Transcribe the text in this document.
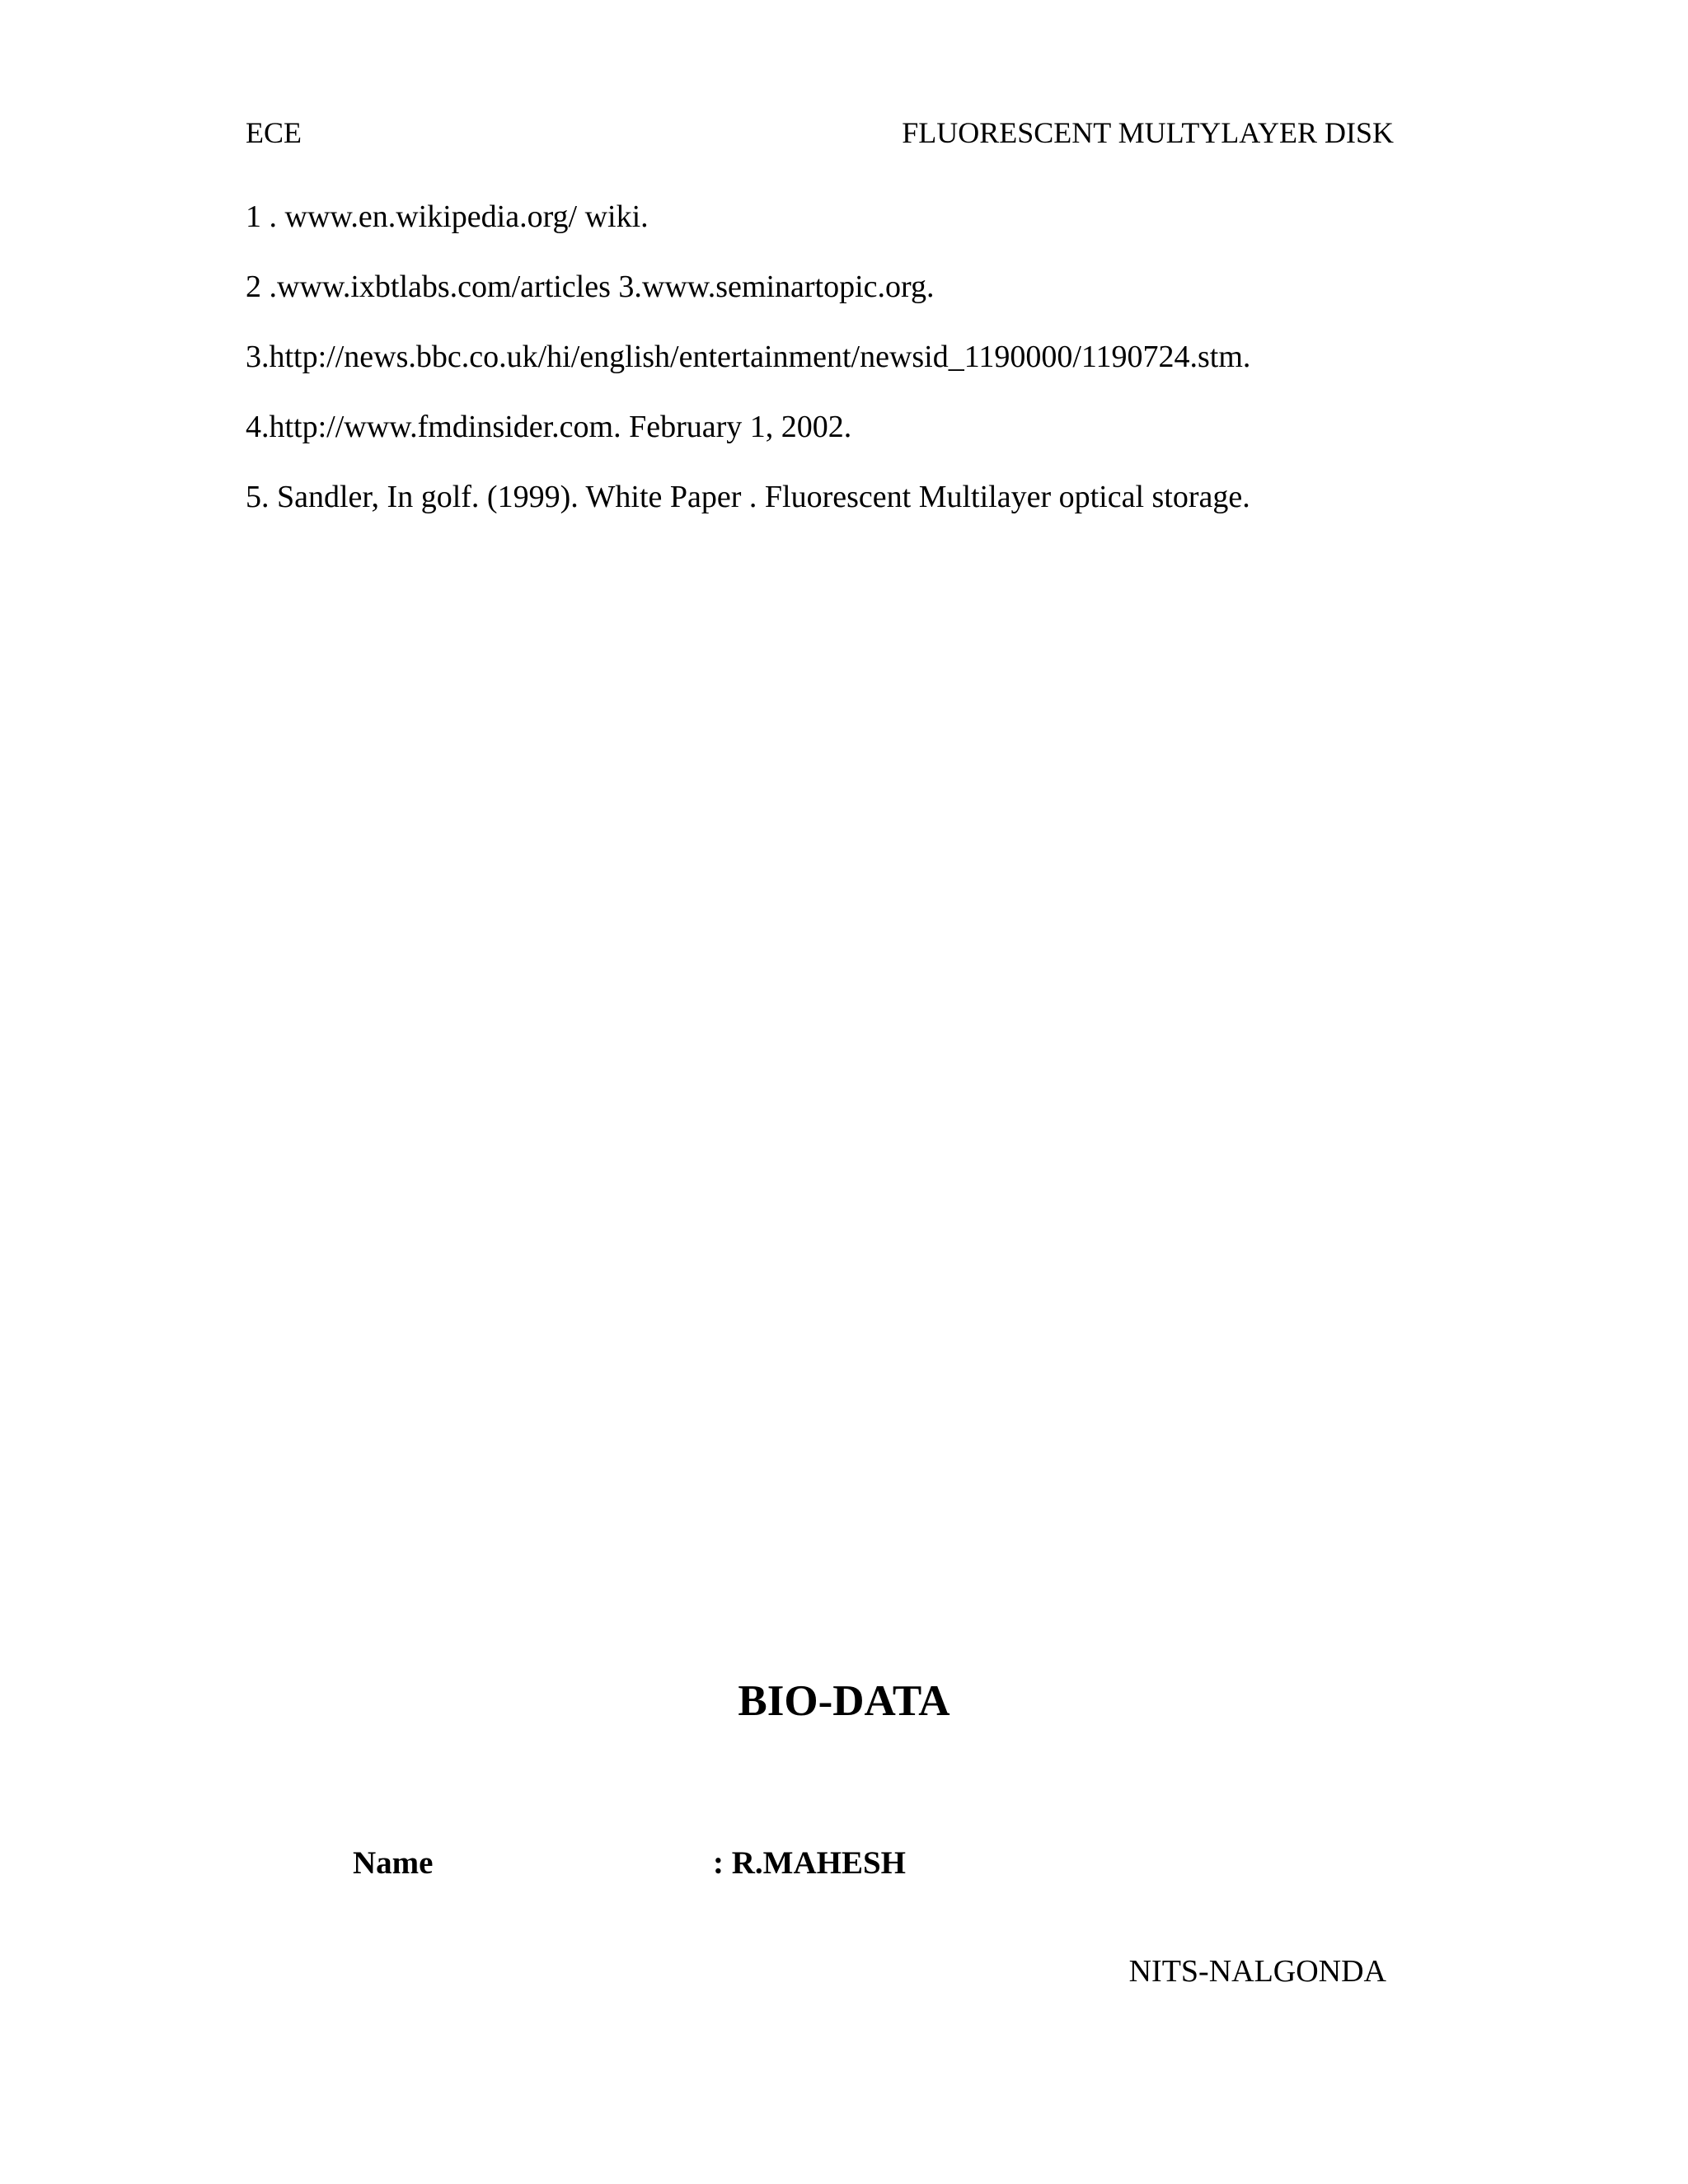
ECE	FLUORESCENT MULTYLAYER DISK
1 . www.en.wikipedia.org/ wiki.
2 .www.ixbtlabs.com/articles 3.www.seminartopic.org.
3.http://news.bbc.co.uk/hi/english/entertainment/newsid_1190000/1190724.stm.
4.http://www.fmdinsider.com. February 1, 2002.
5. Sandler, In golf. (1999). White Paper . Fluorescent Multilayer optical storage.
BIO-DATA
Name	: R.MAHESH
NITS-NALGONDA
